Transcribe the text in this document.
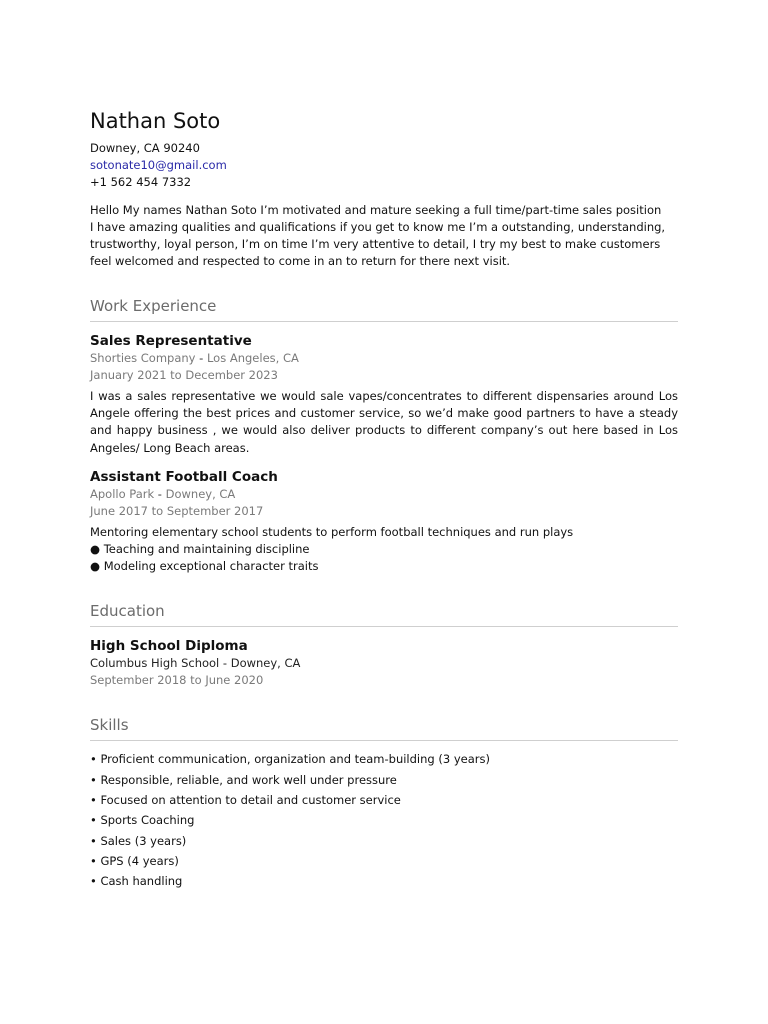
Nathan Soto
Downey, CA 90240
sotonate10@gmail.com
+1 562 454 7332
Hello My names Nathan Soto I’m motivated and mature seeking a full time/part-time sales position
I have amazing qualities and qualifications if you get to know me I’m a outstanding, understanding, trustworthy, loyal person, I’m on time I’m very attentive to detail, I try my best to make customers feel welcomed and respected to come in an to return for there next visit.
Work Experience
Sales Representative
Shorties Company - Los Angeles, CA
January 2021 to December 2023
I was a sales representative we would sale vapes/concentrates to different dispensaries around Los Angele offering the best prices and customer service, so we’d make good partners to have a steady and happy business , we would also deliver products to different company’s out here based in Los Angeles/ Long Beach areas.
Assistant Football Coach
Apollo Park - Downey, CA
June 2017 to September 2017
Mentoring elementary school students to perform football techniques and run plays
● Teaching and maintaining discipline
● Modeling exceptional character traits
Education
High School Diploma
Columbus High School - Downey, CA
September 2018 to June 2020
Skills
• Proficient communication, organization and team-building (3 years)
• Responsible, reliable, and work well under pressure
• Focused on attention to detail and customer service
• Sports Coaching
• Sales (3 years)
• GPS (4 years)
• Cash handling
